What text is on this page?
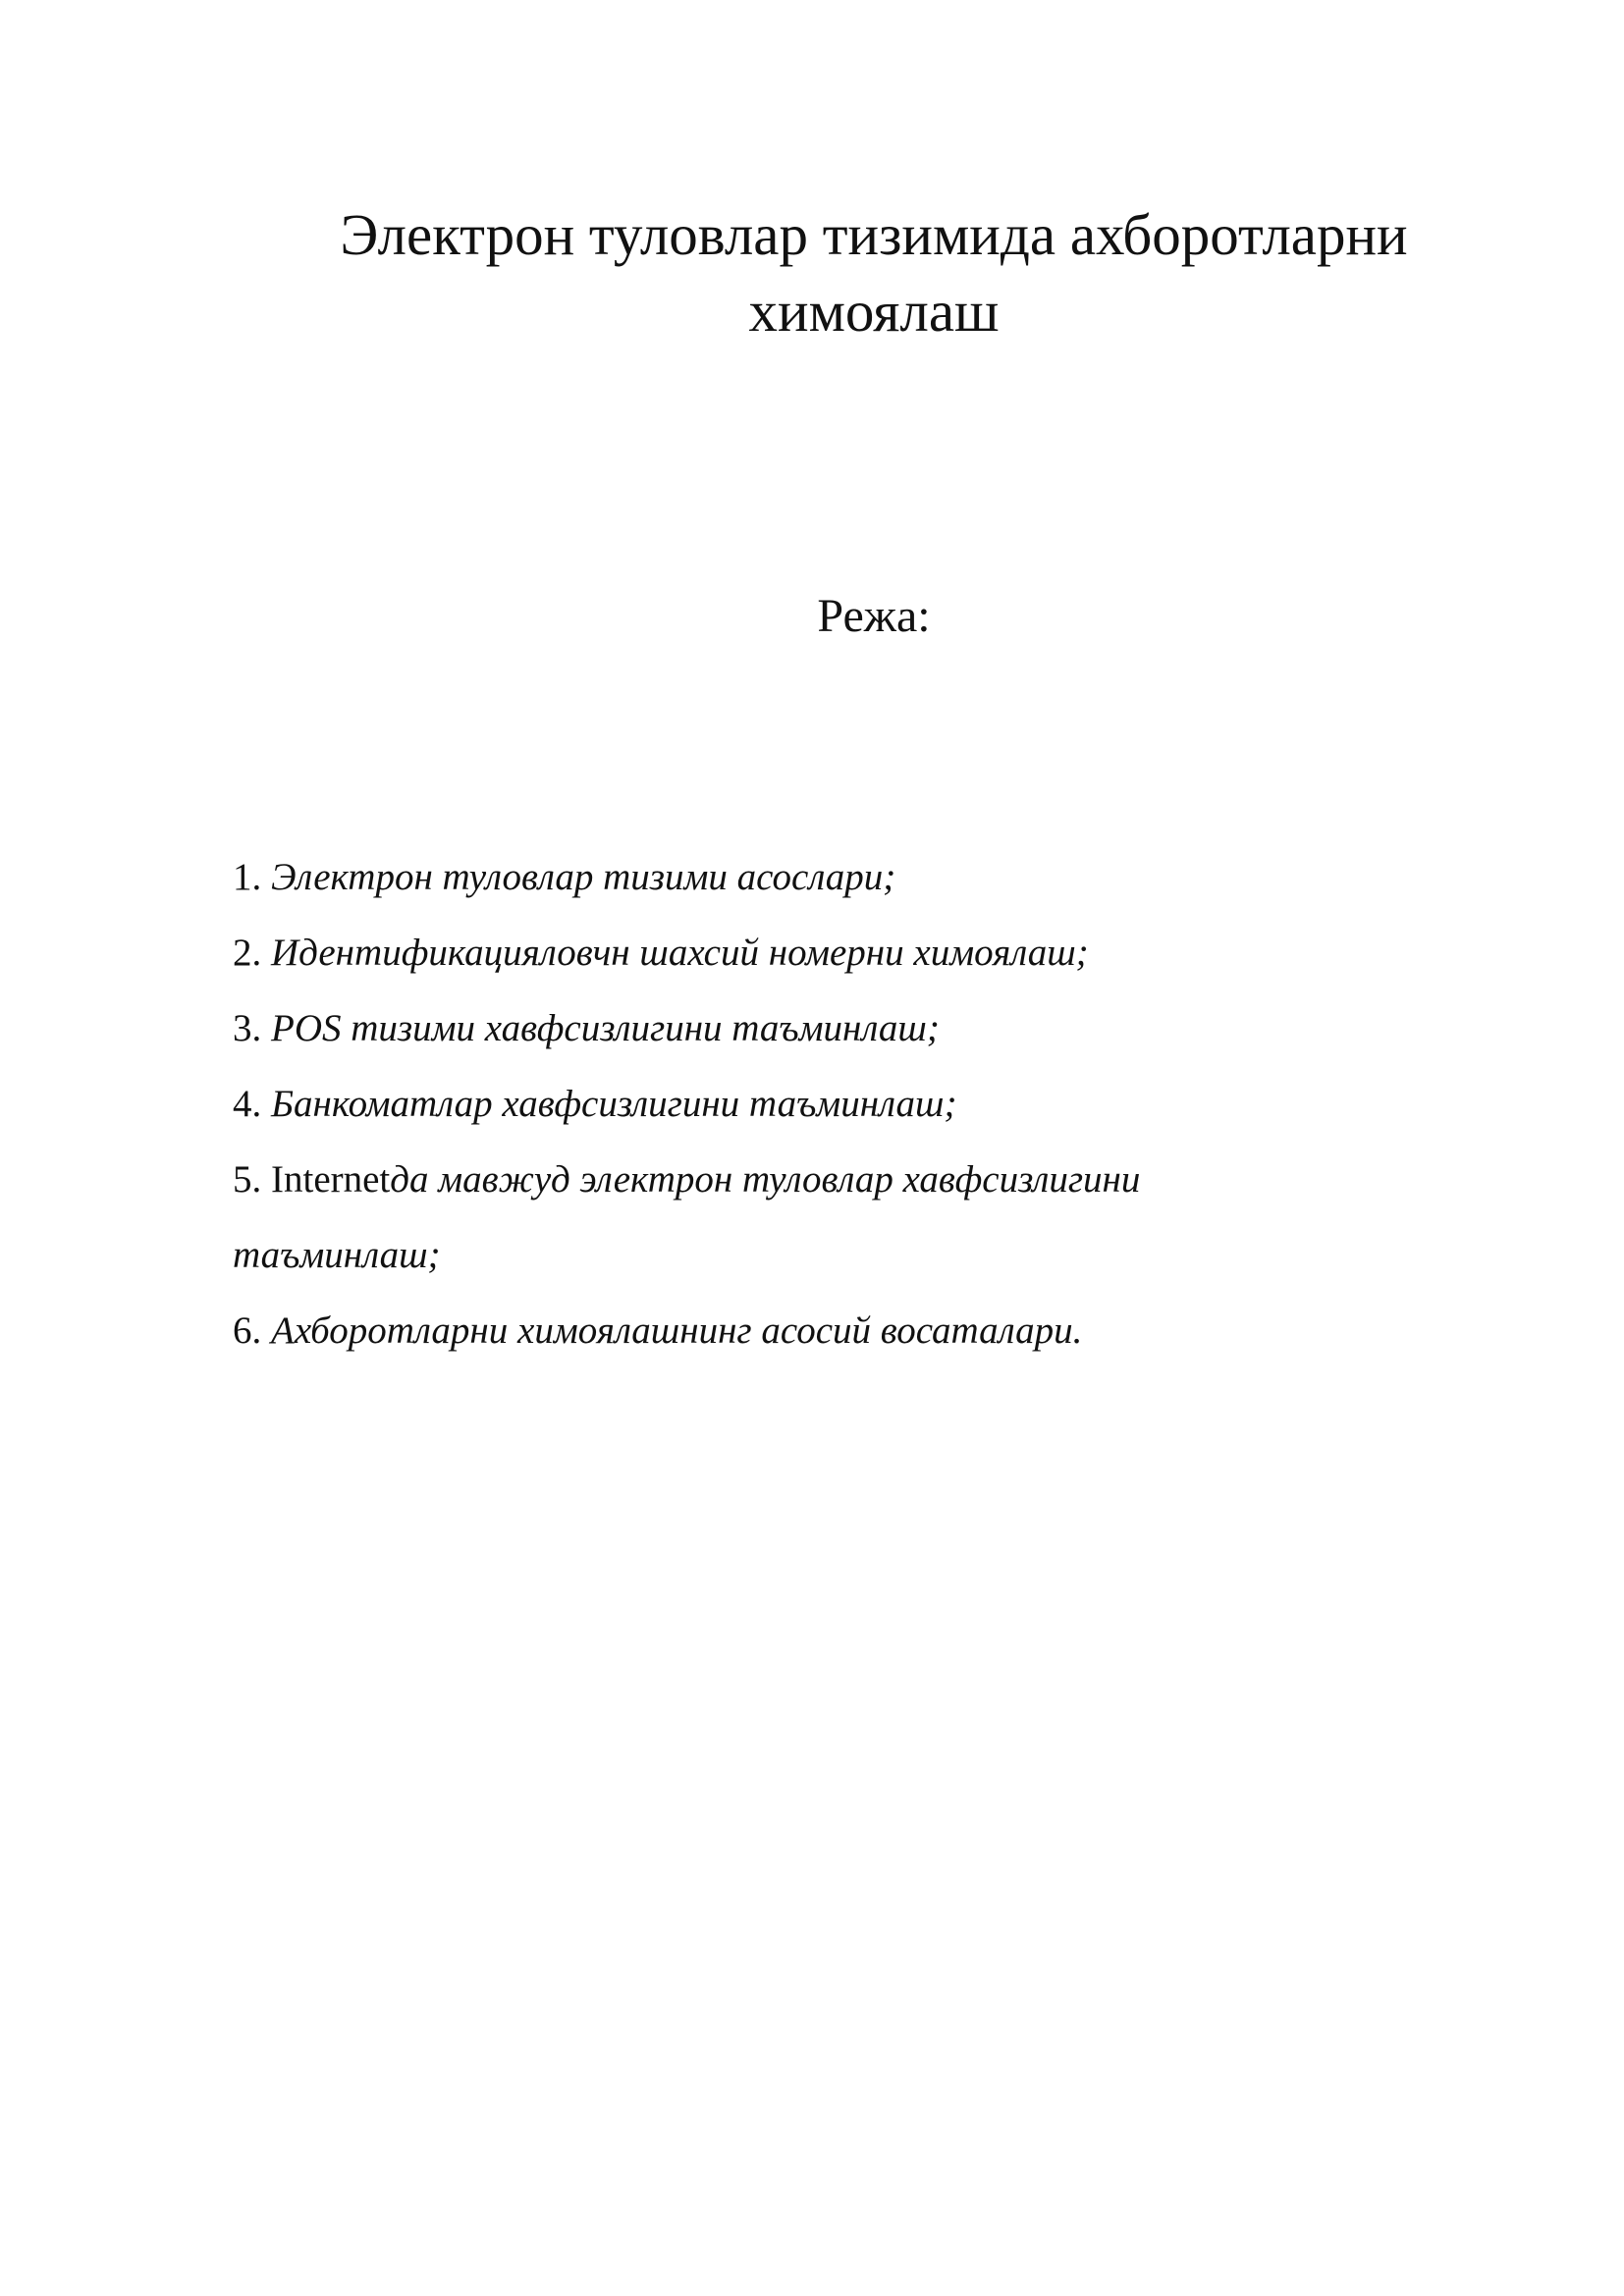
Электрон туловлар тизимида ахборотларни
химоялаш
Режа:
1. Электрон туловлар тизими асослари;
2. Идентификацияловчн шахсий номерни химоялаш;
3. POS тизими хавфсизлигини таъминлаш;
4. Банкоматлар хавфсизлигини таъминлаш;
5. Internetда мавжуд электрон туловлар хавфсизлигини
таъминлаш;
6. Ахборотларни химоялашнинг асосий восаталари.
